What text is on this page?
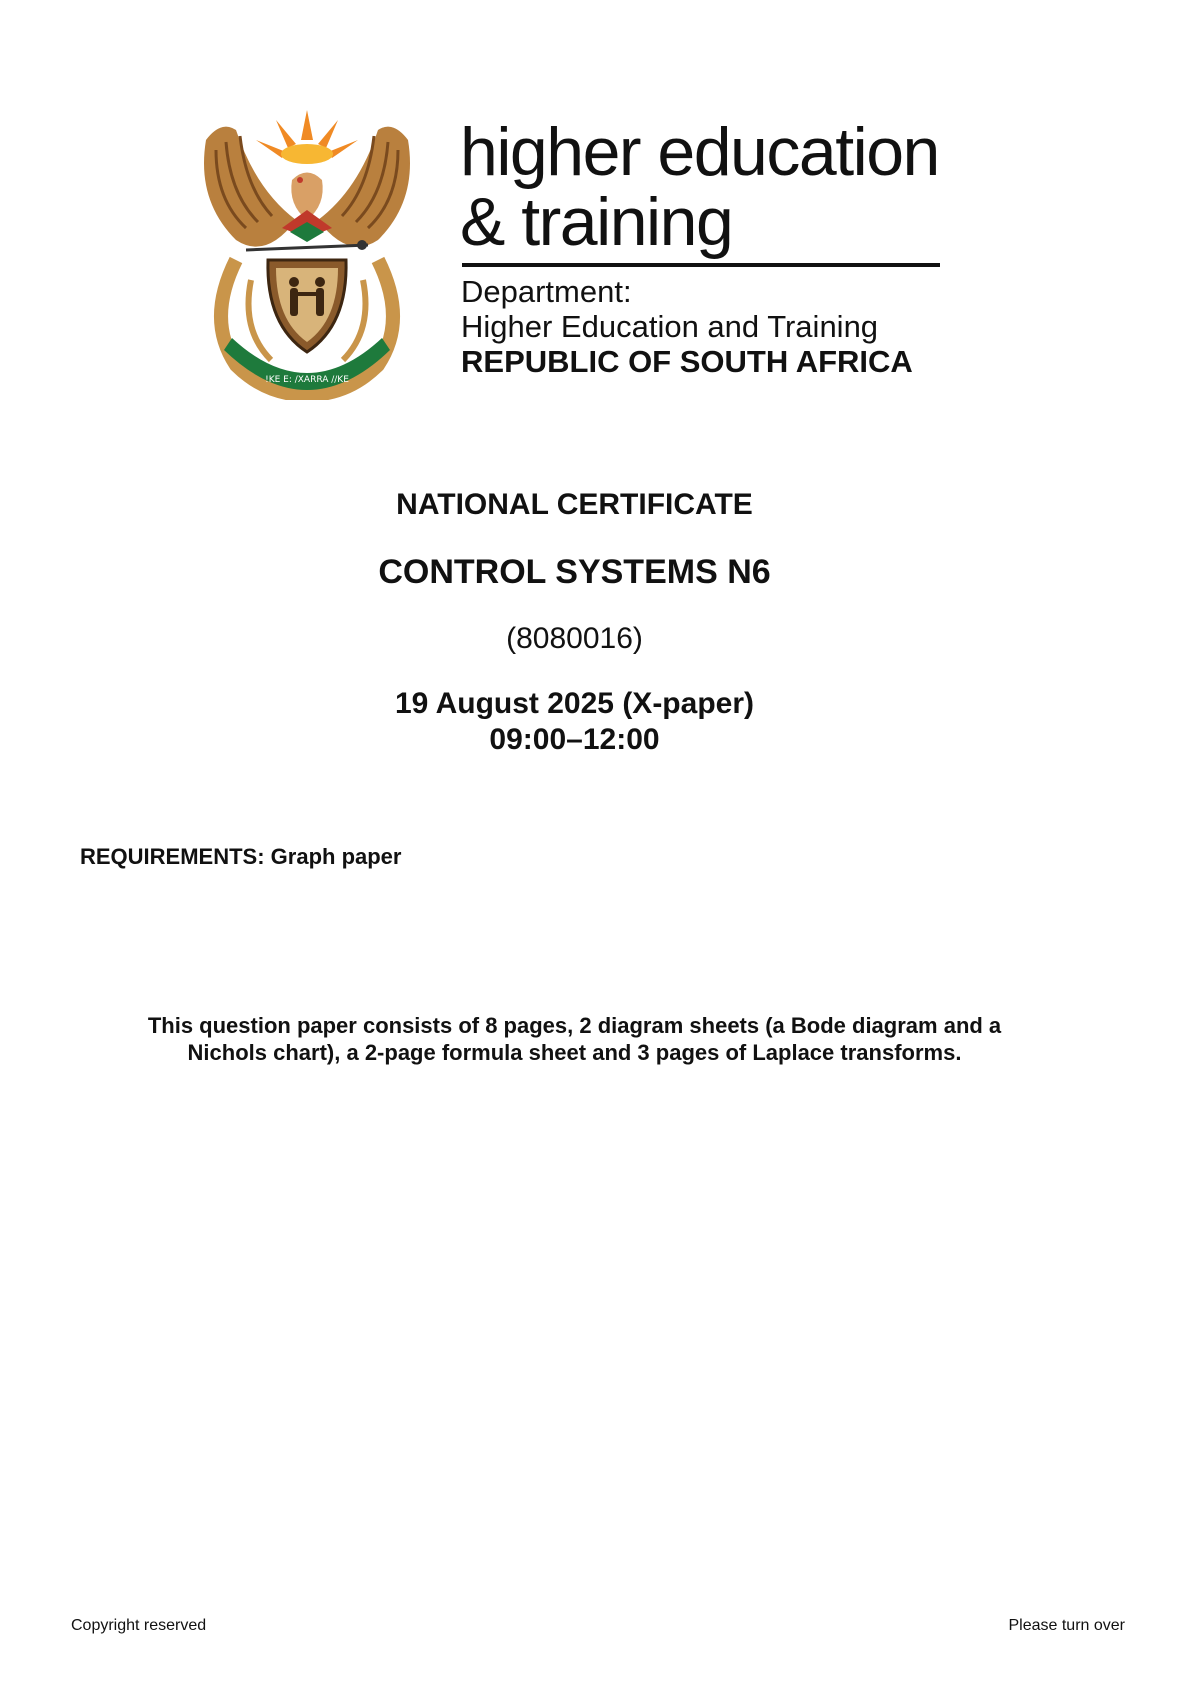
!KE E: /XARRA //KE
higher education
& training
Department:
Higher Education and Training
REPUBLIC OF SOUTH AFRICA
NATIONAL CERTIFICATE
CONTROL SYSTEMS N6
(8080016)
19 August 2025 (X-paper)
09:00–12:00
REQUIREMENTS: Graph paper
This question paper consists of 8 pages, 2 diagram sheets (a Bode diagram and a
Nichols chart), a 2-page formula sheet and 3 pages of Laplace transforms.
Copyright reserved	Please turn over
